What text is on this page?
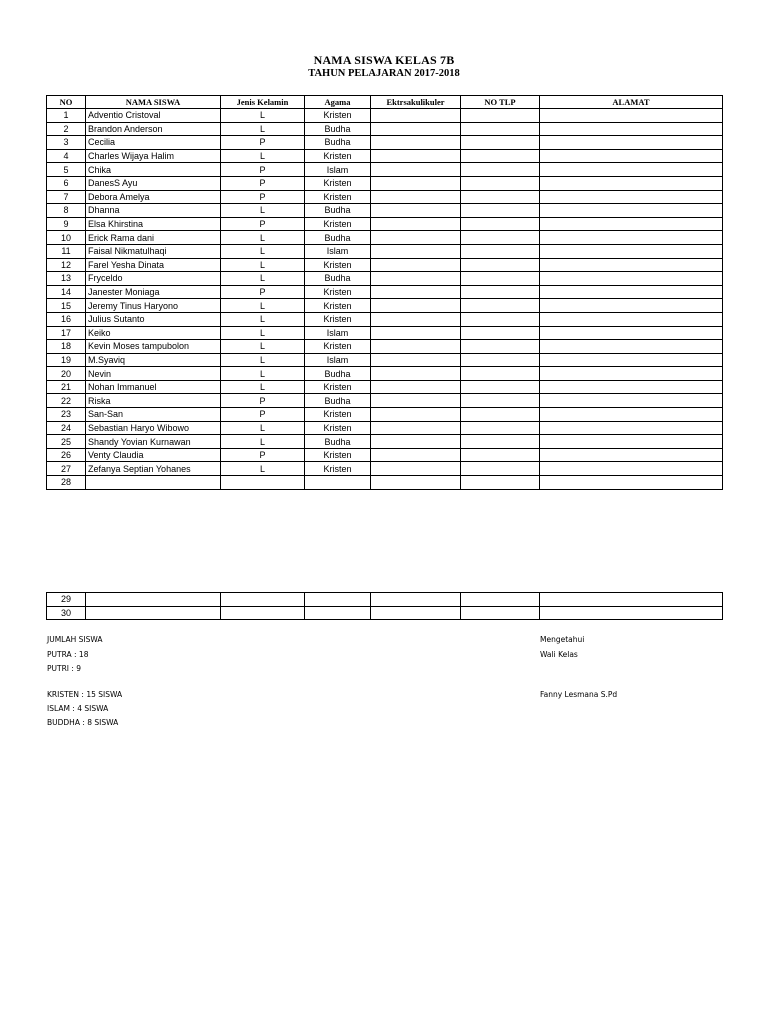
NAMA SISWA KELAS 7B
TAHUN PELAJARAN 2017-2018
NO	NAMA SISWA	Jenis Kelamin	Agama	Ektrsakulikuler	NO TLP	ALAMAT
1	Adventio Cristoval	L	Kristen			
2	Brandon Anderson	L	Budha			
3	Cecilia	P	Budha			
4	Charles Wijaya Halim	L	Kristen			
5	Chika	P	Islam			
6	DanesS Ayu	P	Kristen			
7	Debora Amelya	P	Kristen			
8	Dhanna	L	Budha			
9	Elsa Khirstina	P	Kristen			
10	Erick Rama dani	L	Budha			
11	Faisal Nikmatulhaqi	L	Islam			
12	Farel Yesha Dinata	L	Kristen			
13	Fryceldo	L	Budha			
14	Janester Moniaga	P	Kristen			
15	Jeremy Tinus Haryono	L	Kristen			
16	Julius Sutanto	L	Kristen			
17	Keiko	L	Islam			
18	Kevin Moses tampubolon	L	Kristen			
19	M.Syaviq	L	Islam			
20	Nevin	L	Budha			
21	Nohan Immanuel	L	Kristen			
22	Riska	P	Budha			
23	San-San	P	Kristen			
24	Sebastian Haryo Wibowo	L	Kristen			
25	Shandy Yovian Kurnawan	L	Budha			
26	Venty Claudia	P	Kristen			
27	Zefanya Septian Yohanes	L	Kristen			
28						
29						
30						
JUMLAH SISWA
PUTRA : 18
PUTRI : 9
KRISTEN : 15 SISWA
ISLAM : 4 SISWA
BUDDHA : 8 SISWA
Mengetahui
Wali Kelas
Fanny Lesmana S.Pd
